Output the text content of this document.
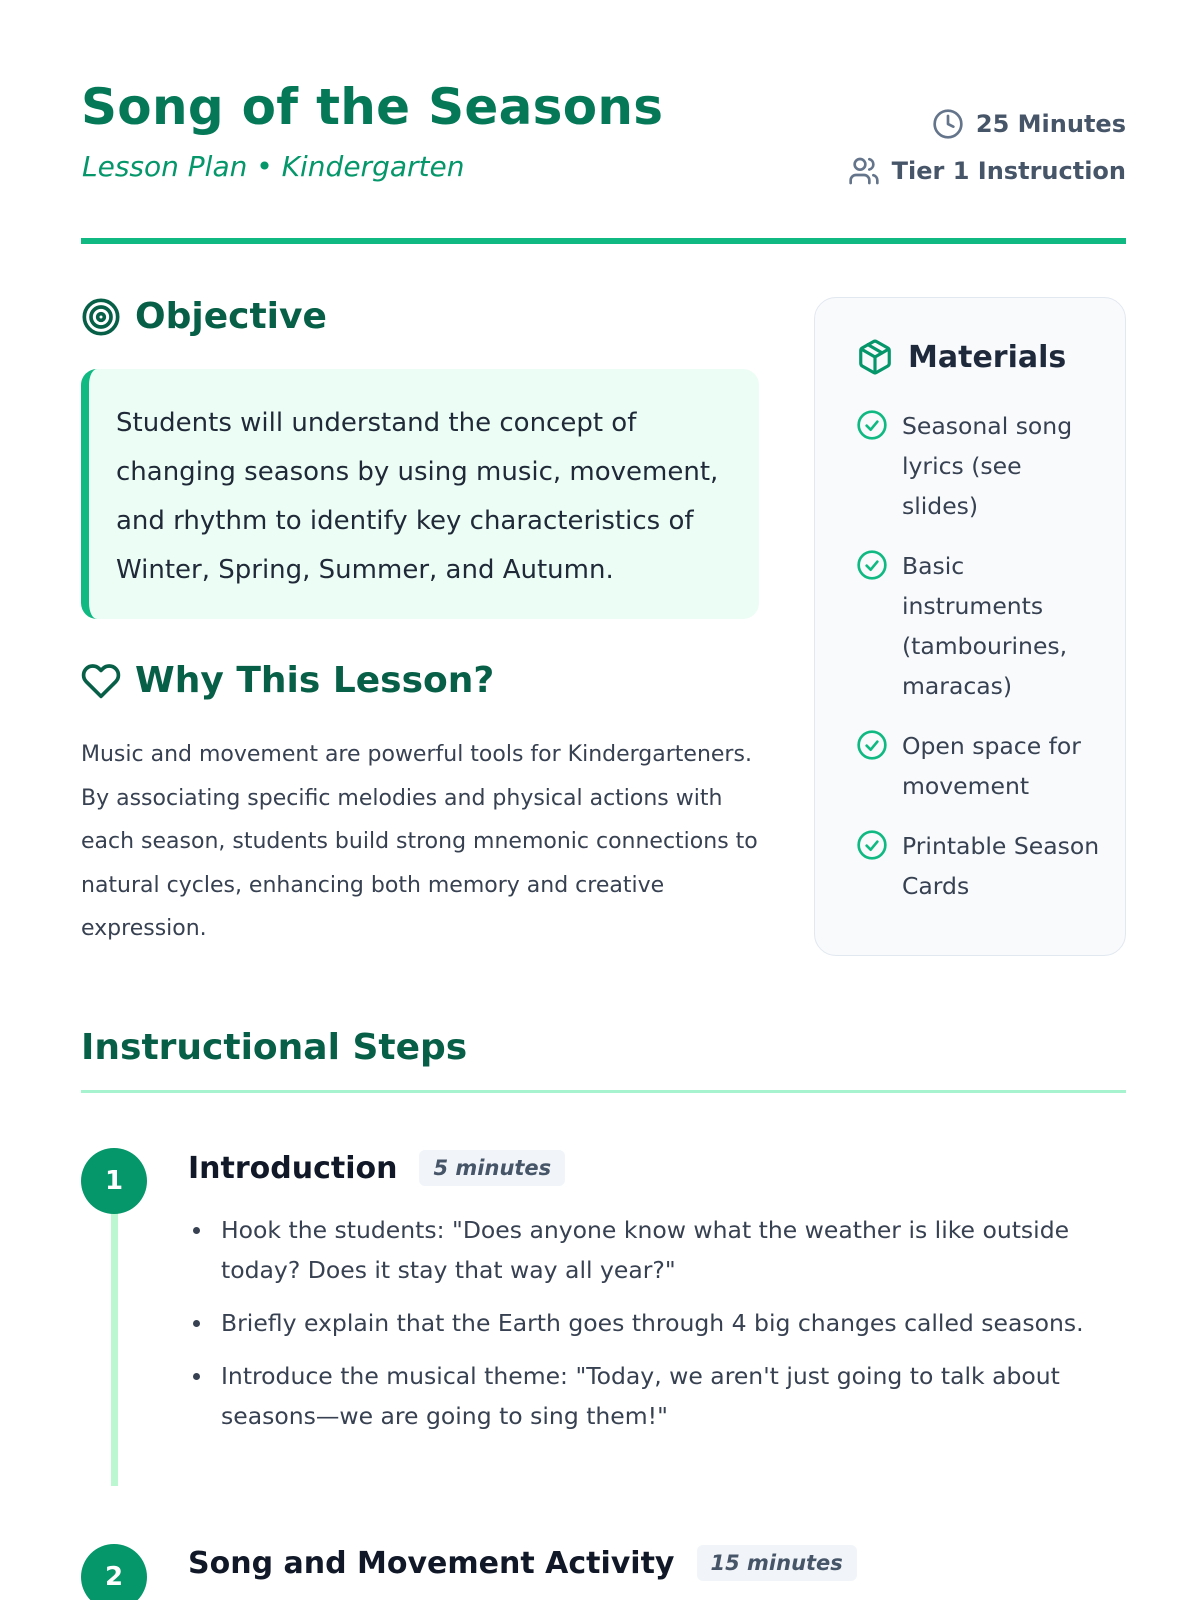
Song of the Seasons
Lesson Plan • Kindergarten
25 Minutes
Tier 1 Instruction
Objective
Students will understand the concept of changing seasons by using music, movement, and rhythm to identify key characteristics of Winter, Spring, Summer, and Autumn.
Why This Lesson?
Music and movement are powerful tools for Kindergarteners. By associating specific melodies and physical actions with each season, students build strong mnemonic connections to natural cycles, enhancing both memory and creative expression.
Materials
Seasonal song lyrics (see slides)
Basic instruments (tambourines, maracas)
Open space for movement
Printable Season Cards
Instructional Steps
1	Introduction	5 minutes
Hook the students: "Does anyone know what the weather is like outside today? Does it stay that way all year?"
Briefly explain that the Earth goes through 4 big changes called seasons.
Introduce the musical theme: "Today, we aren't just going to talk about seasons—we are going to sing them!"
2	Song and Movement Activity	15 minutes
